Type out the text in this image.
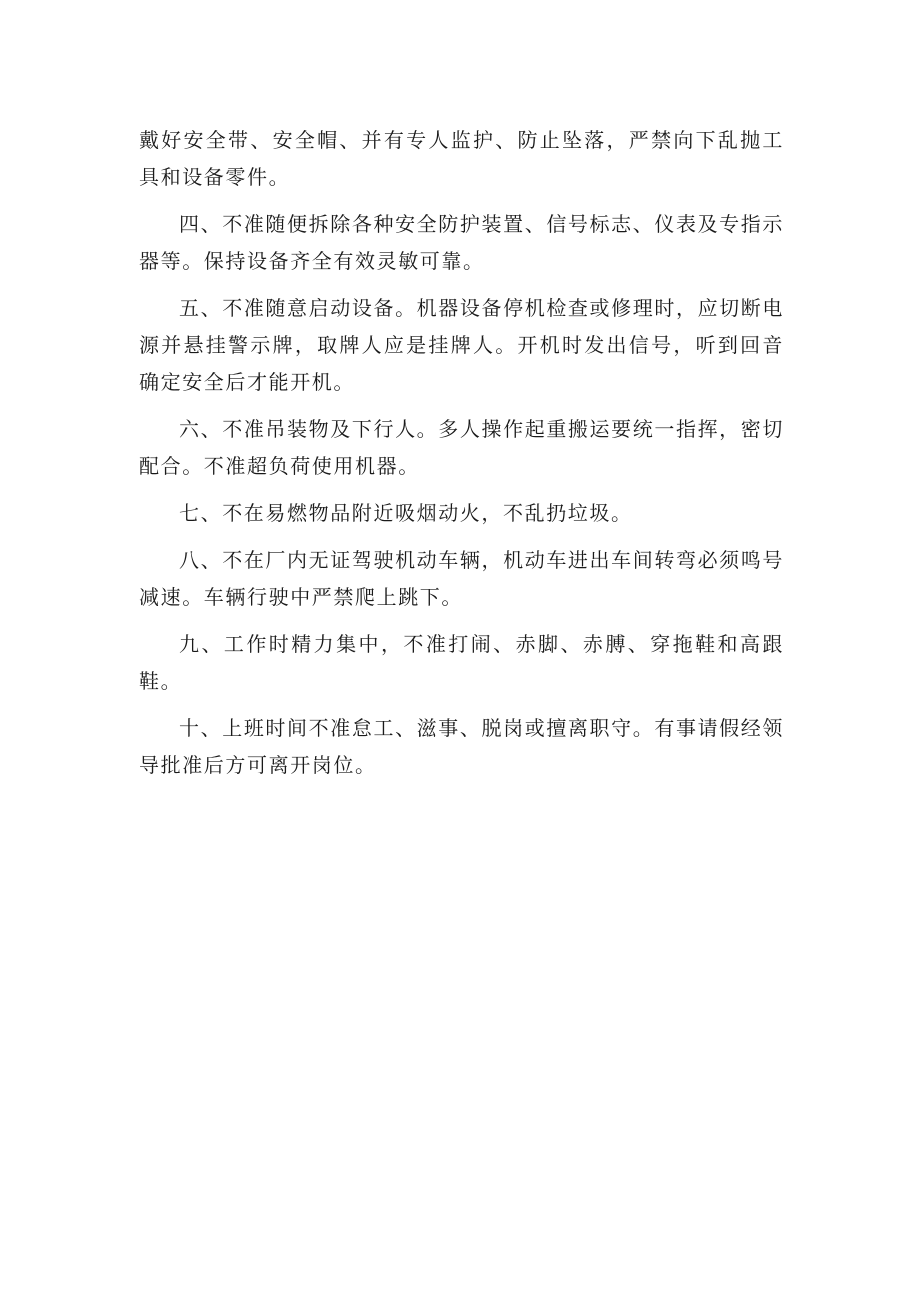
戴好安全带、安全帽、并有专人监护、防止坠落，严禁向下乱抛工具和设备零件。

四、不准随便拆除各种安全防护装置、信号标志、仪表及专指示器等。保持设备齐全有效灵敏可靠。

五、不准随意启动设备。机器设备停机检查或修理时，应切断电源并悬挂警示牌，取牌人应是挂牌人。开机时发出信号，听到回音确定安全后才能开机。

六、不准吊装物及下行人。多人操作起重搬运要统一指挥，密切配合。不准超负荷使用机器。

七、不在易燃物品附近吸烟动火，不乱扔垃圾。

八、不在厂内无证驾驶机动车辆，机动车进出车间转弯必须鸣号减速。车辆行驶中严禁爬上跳下。

九、工作时精力集中，不准打闹、赤脚、赤膊、穿拖鞋和高跟鞋。

十、上班时间不准怠工、滋事、脱岗或擅离职守。有事请假经领导批准后方可离开岗位。
